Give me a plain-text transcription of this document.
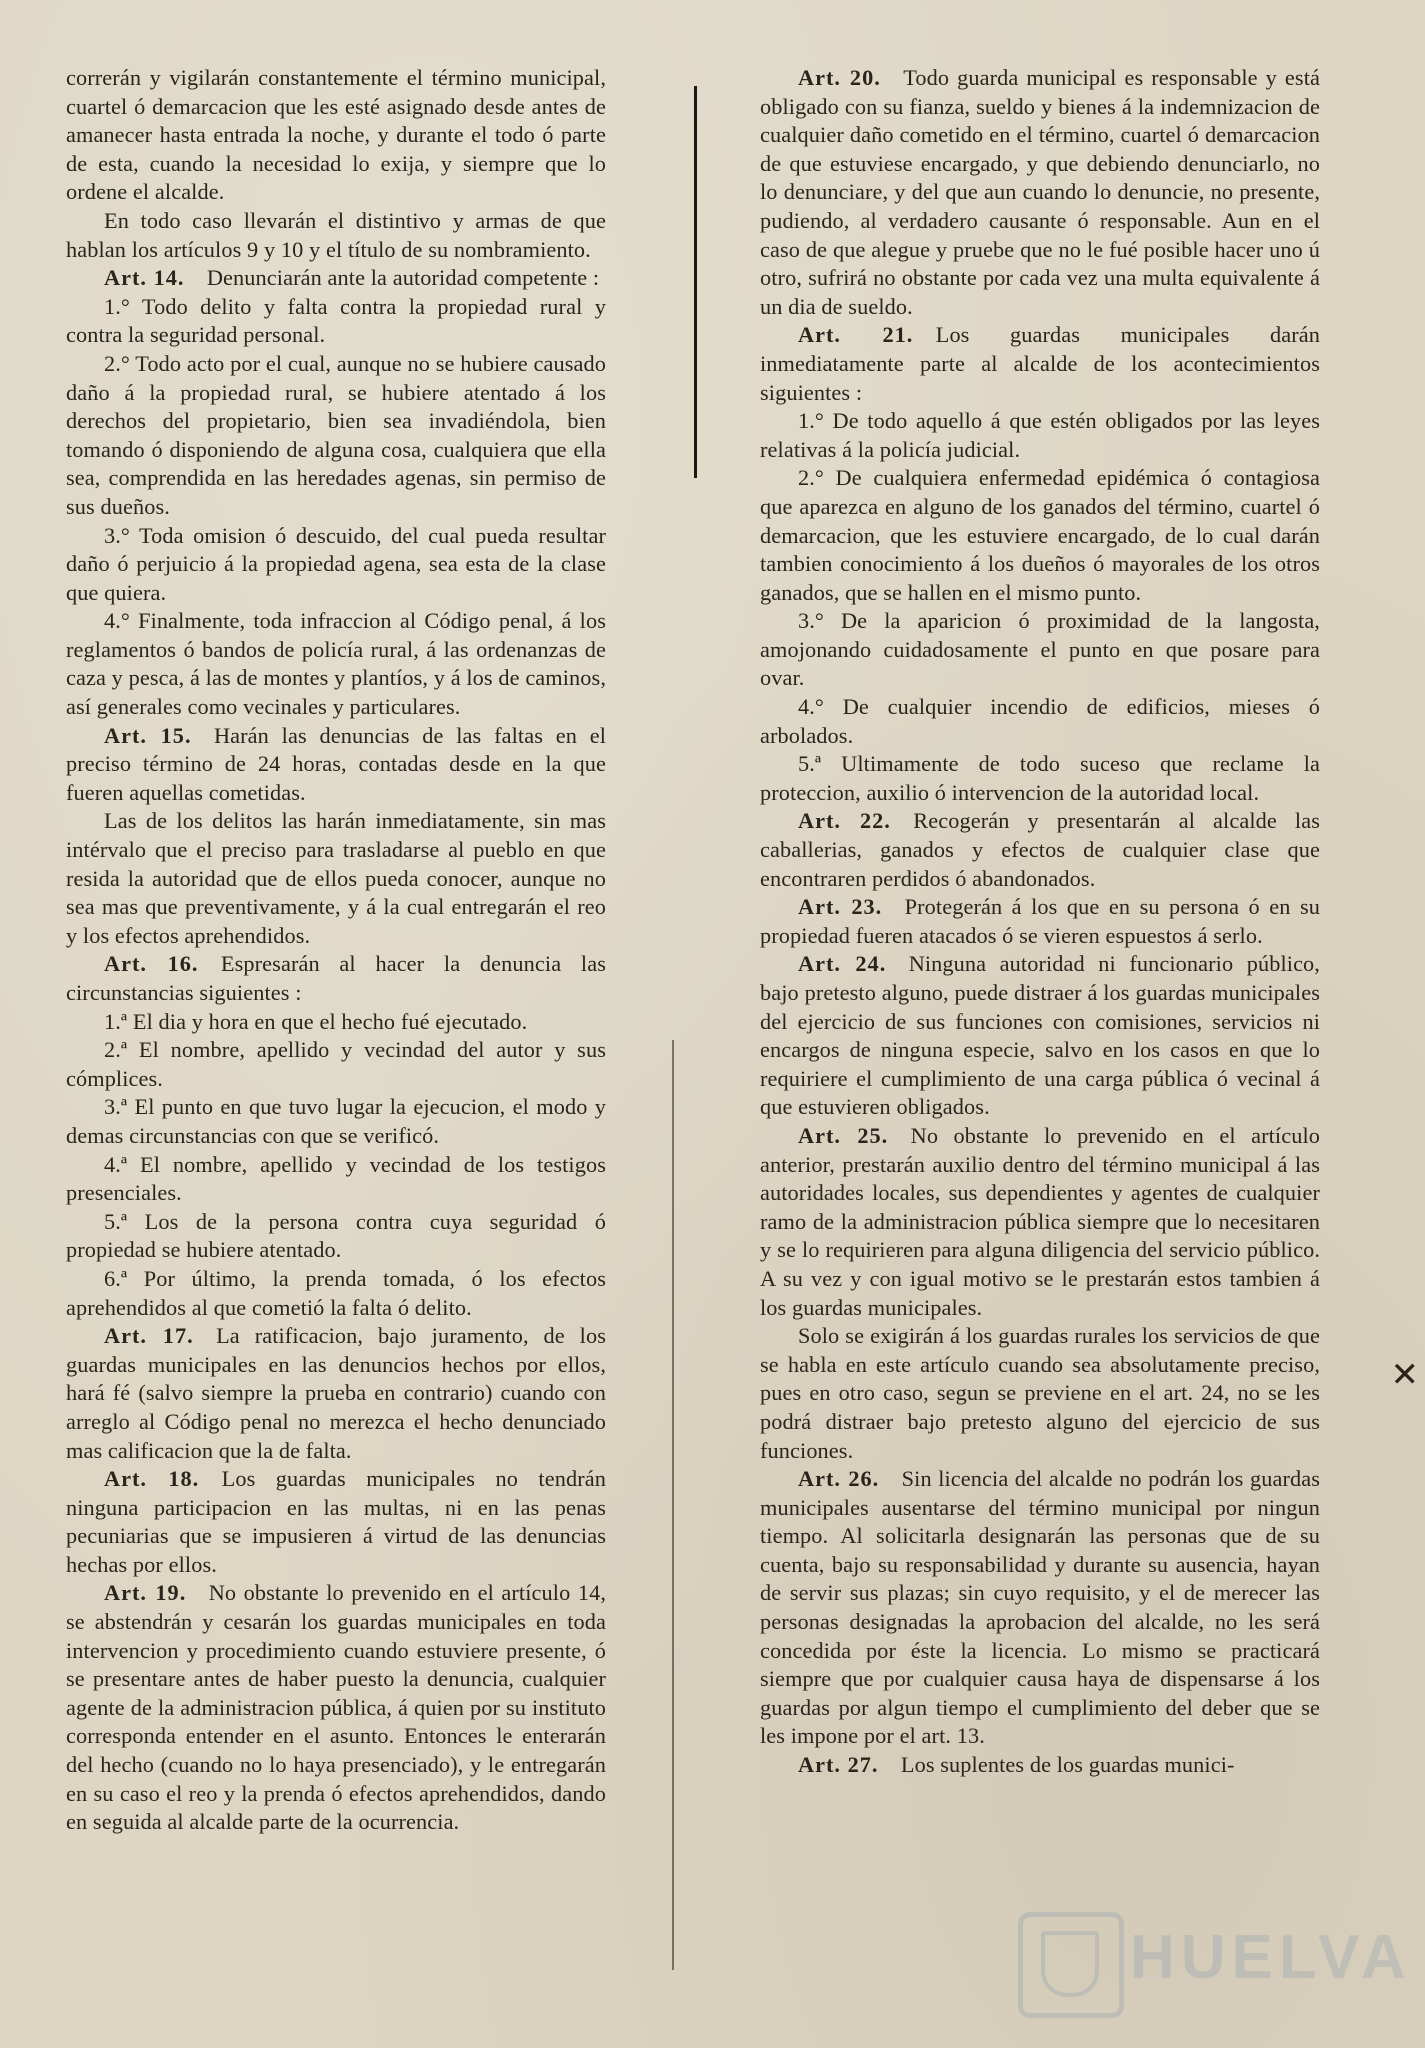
correrán y vigilarán constantemente el término municipal, cuartel ó demarcacion que les esté asignado desde antes de amanecer hasta entrada la noche, y durante el todo ó parte de esta, cuando la necesidad lo exija, y siempre que lo ordene el alcalde.

En todo caso llevarán el distintivo y armas de que hablan los artículos 9 y 10 y el título de su nombramiento.

Art. 14.  Denunciarán ante la autoridad competente :

1.° Todo delito y falta contra la propiedad rural y contra la seguridad personal.

2.° Todo acto por el cual, aunque no se hubiere causado daño á la propiedad rural, se hubiere atentado á los derechos del propietario, bien sea invadiéndola, bien tomando ó disponiendo de alguna cosa, cualquiera que ella sea, comprendida en las heredades agenas, sin permiso de sus dueños.

3.° Toda omision ó descuido, del cual pueda resultar daño ó perjuicio á la propiedad agena, sea esta de la clase que quiera.

4.° Finalmente, toda infraccion al Código penal, á los reglamentos ó bandos de policía rural, á las ordenanzas de caza y pesca, á las de montes y plantíos, y á los de caminos, así generales como vecinales y particulares.

Art. 15.  Harán las denuncias de las faltas en el preciso término de 24 horas, contadas desde en la que fueren aquellas cometidas.

Las de los delitos las harán inmediatamente, sin mas intérvalo que el preciso para trasladarse al pueblo en que resida la autoridad que de ellos pueda conocer, aunque no sea mas que preventivamente, y á la cual entregarán el reo y los efectos aprehendidos.

Art. 16.  Espresarán al hacer la denuncia las circunstancias siguientes :

1.ª El dia y hora en que el hecho fué ejecutado.

2.ª El nombre, apellido y vecindad del autor y sus cómplices.

3.ª El punto en que tuvo lugar la ejecucion, el modo y demas circunstancias con que se verificó.

4.ª El nombre, apellido y vecindad de los testigos presenciales.

5.ª Los de la persona contra cuya seguridad ó propiedad se hubiere atentado.

6.ª Por último, la prenda tomada, ó los efectos aprehendidos al que cometió la falta ó delito.

Art. 17.  La ratificacion, bajo juramento, de los guardas municipales en las denuncios hechos por ellos, hará fé (salvo siempre la prueba en contrario) cuando con arreglo al Código penal no merezca el hecho denunciado mas calificacion que la de falta.

Art. 18.  Los guardas municipales no tendrán ninguna participacion en las multas, ni en las penas pecuniarias que se impusieren á virtud de las denuncias hechas por ellos.

Art. 19.  No obstante lo prevenido en el artículo 14, se abstendrán y cesarán los guardas municipales en toda intervencion y procedimiento cuando estuviere presente, ó se presentare antes de haber puesto la denuncia, cualquier agente de la administracion pública, á quien por su instituto corresponda entender en el asunto. Entonces le enterarán del hecho (cuando no lo haya presenciado), y le entregarán en su caso el reo y la prenda ó efectos aprehendidos, dando en seguida al alcalde parte de la ocurrencia.

Art. 20.  Todo guarda municipal es responsable y está obligado con su fianza, sueldo y bienes á la indemnizacion de cualquier daño cometido en el término, cuartel ó demarcacion de que estuviese encargado, y que debiendo denunciarlo, no lo denunciare, y del que aun cuando lo denuncie, no presente, pudiendo, al verdadero causante ó responsable. Aun en el caso de que alegue y pruebe que no le fué posible hacer uno ú otro, sufrirá no obstante por cada vez una multa equivalente á un dia de sueldo.

Art. 21.  Los guardas municipales darán inmediatamente parte al alcalde de los acontecimientos siguientes :

1.° De todo aquello á que estén obligados por las leyes relativas á la policía judicial.

2.° De cualquiera enfermedad epidémica ó contagiosa que aparezca en alguno de los ganados del término, cuartel ó demarcacion, que les estuviere encargado, de lo cual darán tambien conocimiento á los dueños ó mayorales de los otros ganados, que se hallen en el mismo punto.

3.° De la aparicion ó proximidad de la langosta, amojonando cuidadosamente el punto en que posare para ovar.

4.° De cualquier incendio de edificios, mieses ó arbolados.

5.ª Ultimamente de todo suceso que reclame la proteccion, auxilio ó intervencion de la autoridad local.

Art. 22.  Recogerán y presentarán al alcalde las caballerias, ganados y efectos de cualquier clase que encontraren perdidos ó abandonados.

Art. 23.  Protegerán á los que en su persona ó en su propiedad fueren atacados ó se vieren espuestos á serlo.

Art. 24.  Ninguna autoridad ni funcionario público, bajo pretesto alguno, puede distraer á los guardas municipales del ejercicio de sus funciones con comisiones, servicios ni encargos de ninguna especie, salvo en los casos en que lo requiriere el cumplimiento de una carga pública ó vecinal á que estuvieren obligados.

Art. 25.  No obstante lo prevenido en el artículo anterior, prestarán auxilio dentro del término municipal á las autoridades locales, sus dependientes y agentes de cualquier ramo de la administracion pública siempre que lo necesitaren y se lo requirieren para alguna diligencia del servicio público. A su vez y con igual motivo se le prestarán estos tambien á los guardas municipales.

Solo se exigirán á los guardas rurales los servicios de que se habla en este artículo cuando sea absolutamente preciso, pues en otro caso, segun se previene en el art. 24, no se les podrá distraer bajo pretesto alguno del ejercicio de sus funciones.

Art. 26.  Sin licencia del alcalde no podrán los guardas municipales ausentarse del término municipal por ningun tiempo. Al solicitarla designarán las personas que de su cuenta, bajo su responsabilidad y durante su ausencia, hayan de servir sus plazas; sin cuyo requisito, y el de merecer las personas designadas la aprobacion del alcalde, no les será concedida por éste la licencia. Lo mismo se practicará siempre que por cualquier causa haya de dispensarse á los guardas por algun tiempo el cumplimiento del deber que se les impone por el art. 13.

Art. 27.  Los suplentes de los guardas munici-

✕
HUELVA
